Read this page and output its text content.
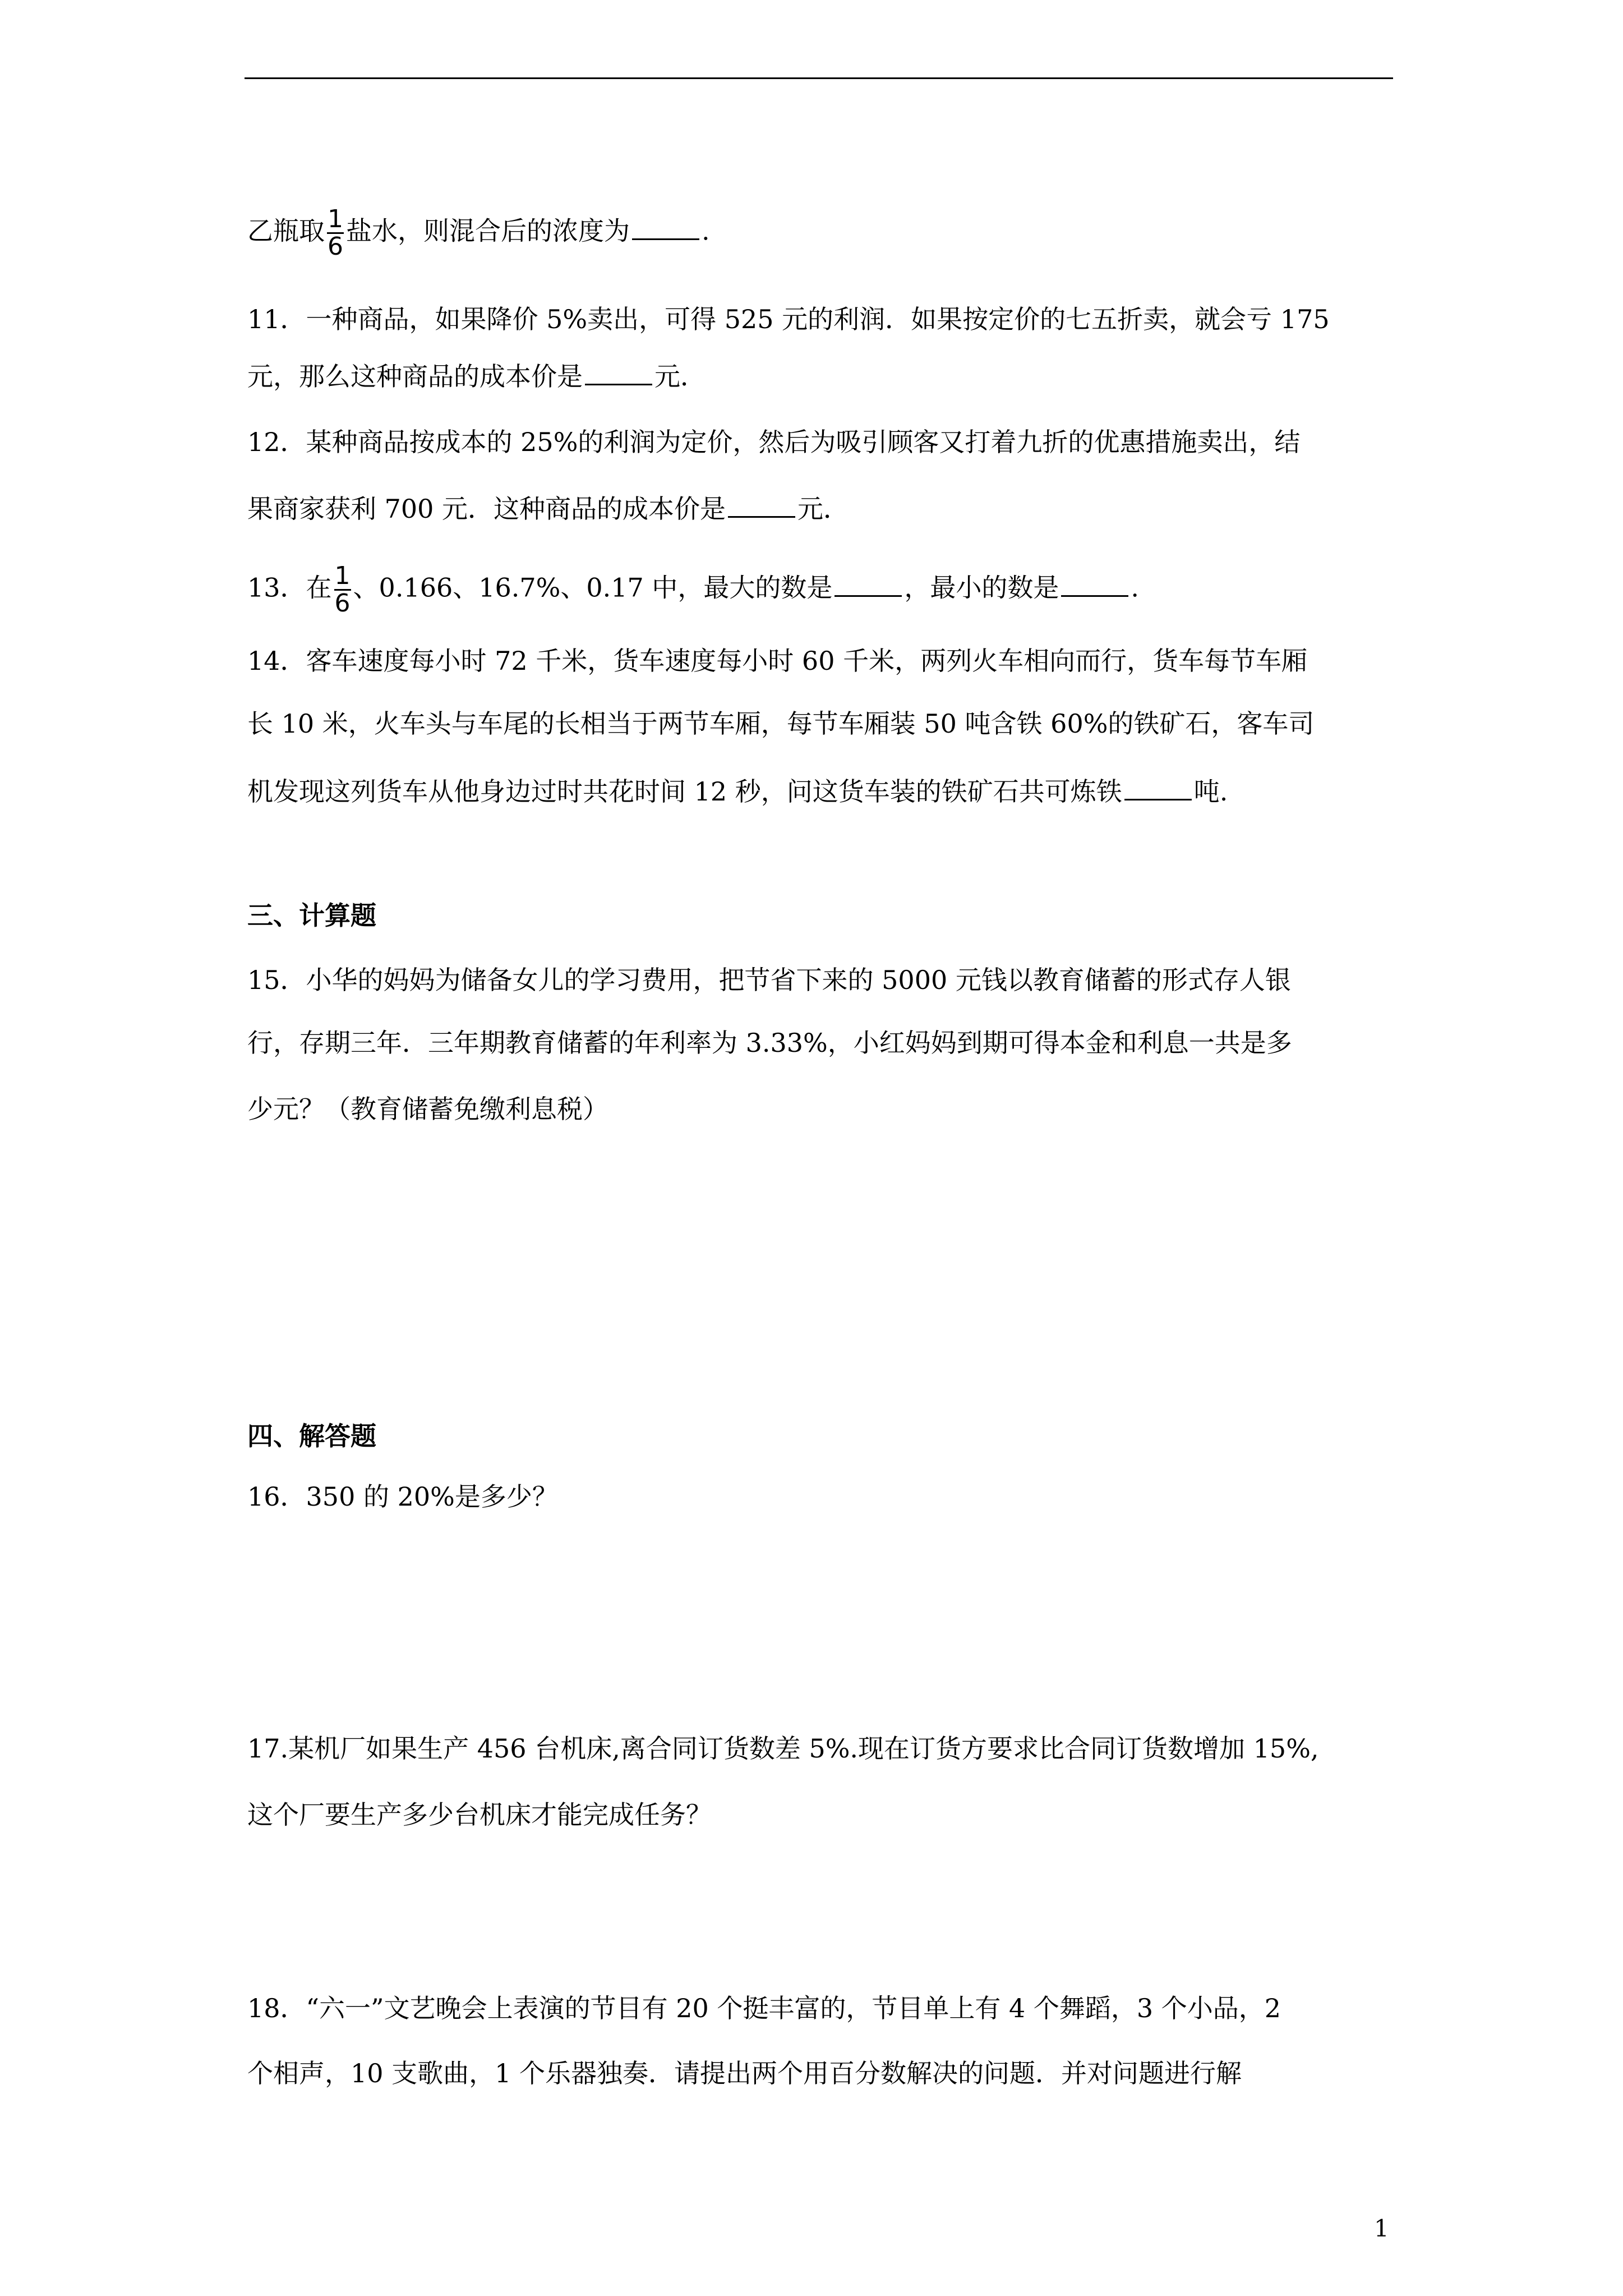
乙瓶取 $\frac{1}{6}$ 盐水，则混合后的浓度为	.
11．一种商品，如果降价 5%卖出，可得 525 元的利润．如果按定价的七五折卖，就会亏 175
元，那么这种商品的成本价是	元．
12．某种商品按成本的 25%的利润为定价，然后为吸引顾客又打着九折的优惠措施卖出，结
果商家获利 700 元．这种商品的成本价是	元．
13．在 $\frac{1}{6}$ 、0.166、16.7%、0.17 中，最大的数是	，最小的数是	.
14．客车速度每小时 72 千米，货车速度每小时 60 千米，两列火车相向而行，货车每节车厢
长 10 米，火车头与车尾的长相当于两节车厢，每节车厢装 50 吨含铁 60%的铁矿石，客车司
机发现这列货车从他身边过时共花时间 12 秒，问这货车装的铁矿石共可炼铁	吨.
三、计算题
15．小华的妈妈为储备女儿的学习费用，把节省下来的 5000 元钱以教育储蓄的形式存人银
行，存期三年．三年期教育储蓄的年利率为 3.33%，小红妈妈到期可得本金和利息一共是多
少元？（教育储蓄免缴利息税）
四、解答题
16．350 的 20%是多少？
17.某机厂如果生产 456 台机床,离合同订货数差 5%.现在订货方要求比合同订货数增加 15%,
这个厂要生产多少台机床才能完成任务？
18．“六一”文艺晚会上表演的节目有 20 个挺丰富的，节目单上有 4 个舞蹈，3 个小品，2
个相声，10 支歌曲，1 个乐器独奏．请提出两个用百分数解决的问题．并对问题进行解
1
